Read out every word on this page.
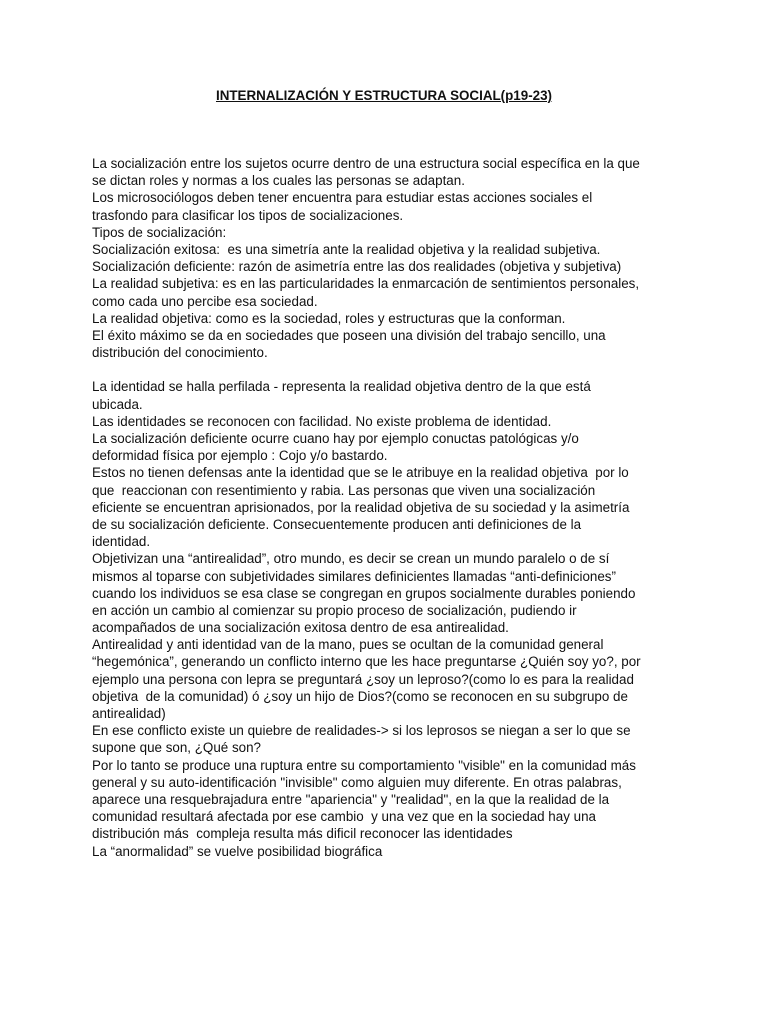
INTERNALIZACIÓN Y ESTRUCTURA SOCIAL(p19-23)
La socialización entre los sujetos ocurre dentro de una estructura social específica en la que
se dictan roles y normas a los cuales las personas se adaptan.
Los microsociólogos deben tener encuentra para estudiar estas acciones sociales el
trasfondo para clasificar los tipos de socializaciones.
Tipos de socialización:
Socialización exitosa:  es una simetría ante la realidad objetiva y la realidad subjetiva.
Socialización deficiente: razón de asimetría entre las dos realidades (objetiva y subjetiva)
La realidad subjetiva: es en las particularidades la enmarcación de sentimientos personales,
como cada uno percibe esa sociedad.
La realidad objetiva: como es la sociedad, roles y estructuras que la conforman.
El éxito máximo se da en sociedades que poseen una división del trabajo sencillo, una
distribución del conocimiento.
La identidad se halla perfilada - representa la realidad objetiva dentro de la que está
ubicada.
Las identidades se reconocen con facilidad. No existe problema de identidad.
La socialización deficiente ocurre cuano hay por ejemplo conuctas patológicas y/o
deformidad física por ejemplo : Cojo y/o bastardo.
Estos no tienen defensas ante la identidad que se le atribuye en la realidad objetiva  por lo
que  reaccionan con resentimiento y rabia. Las personas que viven una socialización
eficiente se encuentran aprisionados, por la realidad objetiva de su sociedad y la asimetría
de su socialización deficiente. Consecuentemente producen anti definiciones de la
identidad.
Objetivizan una “antirealidad”, otro mundo, es decir se crean un mundo paralelo o de sí
mismos al toparse con subjetividades similares definicientes llamadas “anti-definiciones”
cuando los individuos se esa clase se congregan en grupos socialmente durables poniendo
en acción un cambio al comienzar su propio proceso de socialización, pudiendo ir
acompañados de una socialización exitosa dentro de esa antirealidad.
Antirealidad y anti identidad van de la mano, pues se ocultan de la comunidad general
“hegemónica”, generando un conflicto interno que les hace preguntarse ¿Quién soy yo?, por
ejemplo una persona con lepra se preguntará ¿soy un leproso?(como lo es para la realidad
objetiva  de la comunidad) ó ¿soy un hijo de Dios?(como se reconocen en su subgrupo de
antirealidad)
En ese conflicto existe un quiebre de realidades-> si los leprosos se niegan a ser lo que se
supone que son, ¿Qué son?
Por lo tanto se produce una ruptura entre su comportamiento "visible" en la comunidad más
general y su auto-identificación "invisible" como alguien muy diferente. En otras palabras,
aparece una resquebrajadura entre "apariencia" y "realidad", en la que la realidad de la
comunidad resultará afectada por ese cambio  y una vez que en la sociedad hay una
distribución más  compleja resulta más dificil reconocer las identidades
La “anormalidad” se vuelve posibilidad biográfica
